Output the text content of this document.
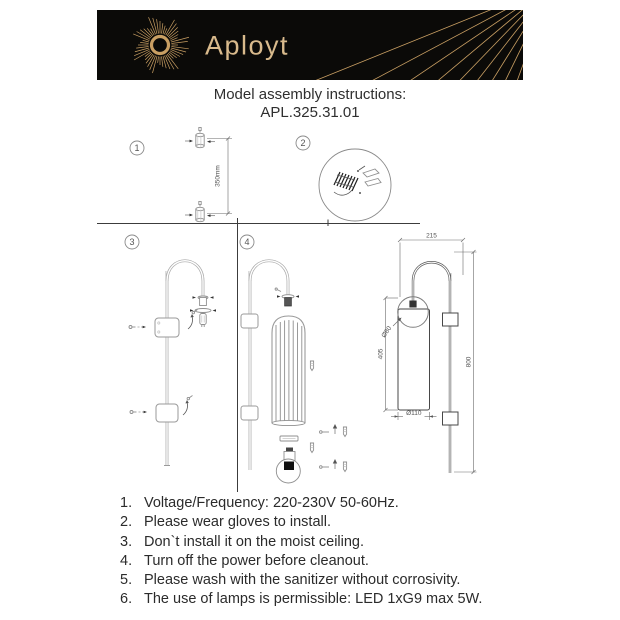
Aployt
Model assembly instructions:
APL.325.31.01
1
350mm
2
3	4
215
800
405
Ø80
Ø110
1. Voltage/Frequency: 220-230V 50-60Hz.
2. Please wear gloves to install.
3. Don`t install it on the moist ceiling.
4. Turn off the power before cleanout.
5. Please wash with the sanitizer without corrosivity.
6. The use of lamps is permissible: LED 1xG9 max 5W.
